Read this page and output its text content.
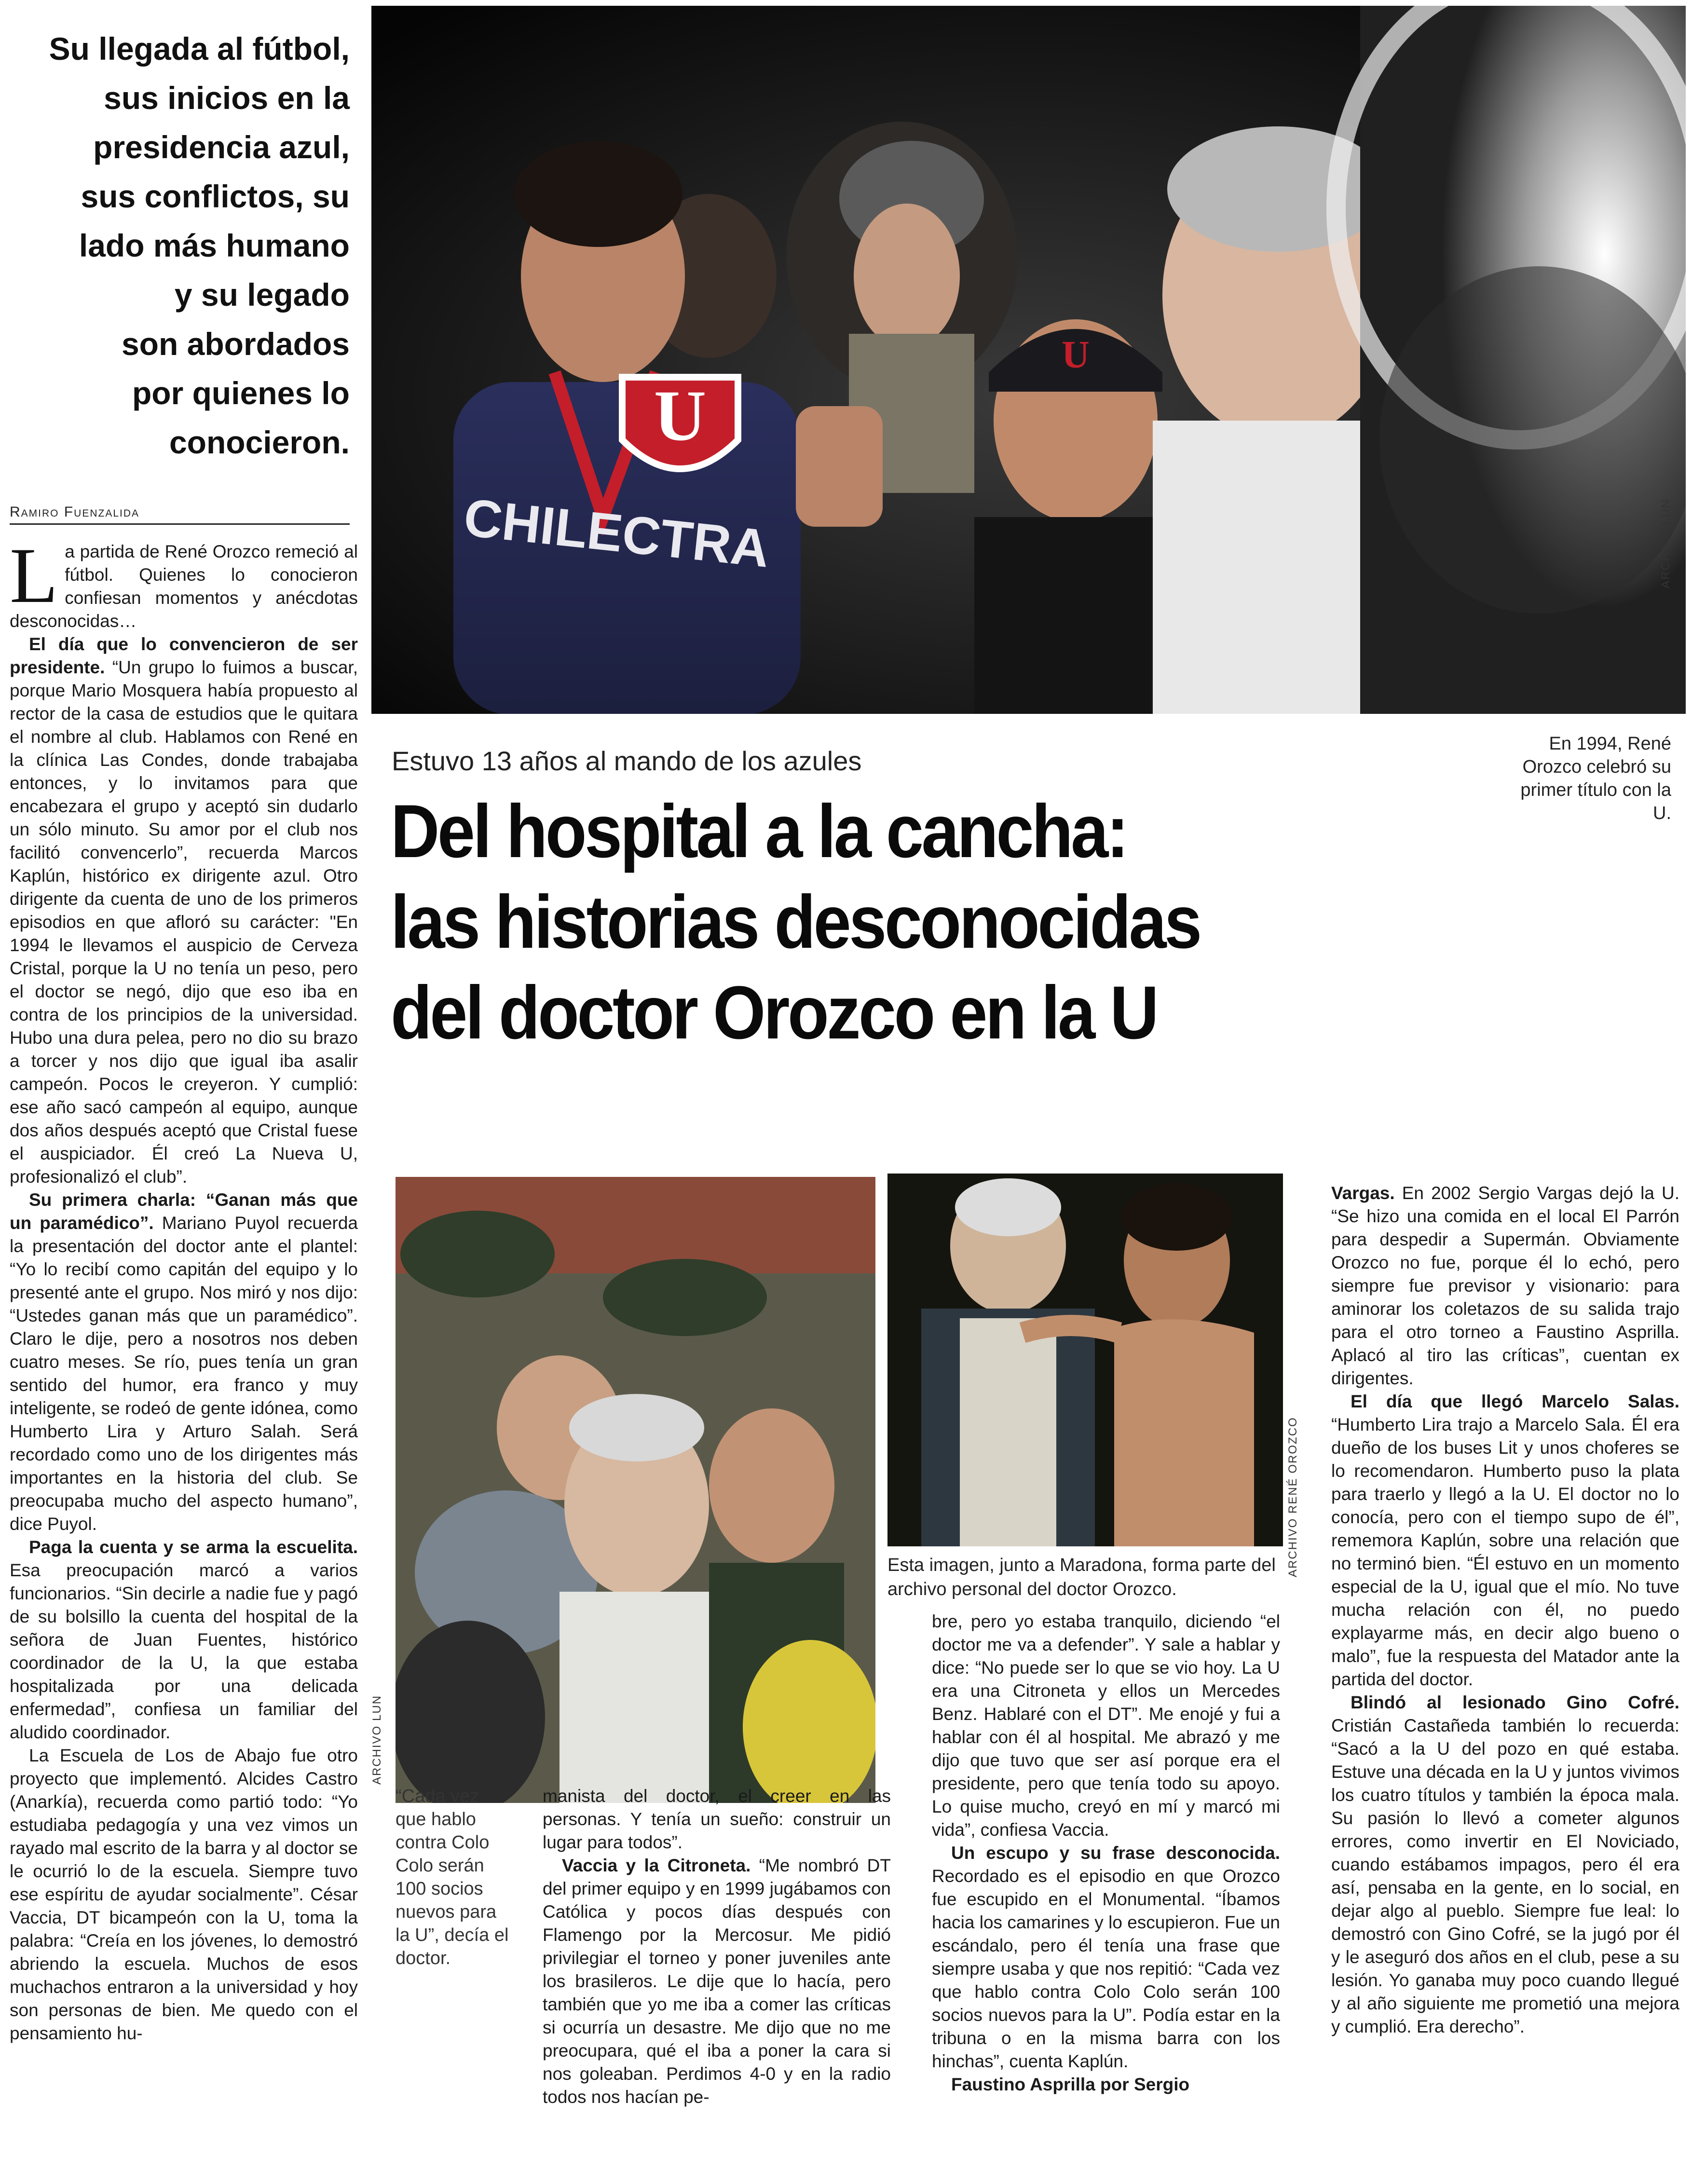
Su llegada al fútbol,
sus inicios en la
presidencia azul,
sus conflictos, su
lado más humano
y su legado
son abordados
por quienes lo
conocieron.
Ramiro Fuenzalida
U
CHILECTRA
U
ARCHIVO LUN
En 1994, René Orozco celebró su primer título con la U.
Estuvo 13 años al mando de los azules
Del hospital a la cancha:
las historias desconocidas
del doctor Orozco en la U

La partida de René Orozco remeció al fútbol. Quienes lo conocieron confiesan momentos y anécdotas desconocidas…

El día que lo convencieron de ser presidente. “Un grupo lo fuimos a buscar, porque Mario Mosquera había propuesto al rector de la casa de estudios que le quitara el nombre al club. Hablamos con René en la clínica Las Condes, donde trabajaba entonces, y lo invitamos para que encabezara el grupo y aceptó sin dudarlo un sólo minuto. Su amor por el club nos facilitó convencerlo”, recuerda Marcos Kaplún, histórico ex dirigente azul. Otro dirigente da cuenta de uno de los primeros episodios en que afloró su carácter: "En 1994 le llevamos el auspicio de Cerveza Cristal, porque la U no tenía un peso, pero el doctor se negó, dijo que eso iba en contra de los principios de la universidad. Hubo una dura pelea, pero no dio su brazo a torcer y nos dijo que igual iba asalir campeón. Pocos le creyeron. Y cumplió: ese año sacó campeón al equipo, aunque dos años después aceptó que Cristal fuese el auspiciador. Él creó La Nueva U, profesionalizó el club”.

Su primera charla: “Ganan más que un paramédico”. Mariano Puyol recuerda la presentación del doctor ante el plantel: “Yo lo recibí como capitán del equipo y lo presenté ante el grupo. Nos miró y nos dijo: “Ustedes ganan más que un paramédico”. Claro le dije, pero a nosotros nos deben cuatro meses. Se río, pues tenía un gran sentido del humor, era franco y muy inteligente, se rodeó de gente idónea, como Humberto Lira y Arturo Salah. Será recordado como uno de los dirigentes más importantes en la historia del club. Se preocupaba mucho del aspecto humano”, dice Puyol.

Paga la cuenta y se arma la escuelita. Esa preocupación marcó a varios funcionarios. “Sin decirle a nadie fue y pagó de su bolsillo la cuenta del hospital de la señora de Juan Fuentes, histórico coordinador de la U, la que estaba hospitalizada por una delicada enfermedad”, confiesa un familiar del aludido coordinador.

La Escuela de Los de Abajo fue otro proyecto que implementó. Alcides Castro (Anarkía), recuerda como partió todo: “Yo estudiaba pedagogía y una vez vimos un rayado mal escrito de la barra y al doctor se le ocurrió lo de la escuela. Siempre tuvo ese espíritu de ayudar socialmente”. César Vaccia, DT bicampeón con la U, toma la palabra: “Creía en los jóvenes, lo demostró abriendo la escuela. Muchos de esos muchachos entraron a la universidad y hoy son personas de bien. Me quedo con el pensamiento hu-

ARCHIVO LUN
ARCHIVO RENÉ OROZCO
Esta imagen, junto a Maradona, forma parte del archivo personal del doctor Orozco.
“Cada vez que hablo contra Colo Colo serán 100 socios nuevos para la U”, decía el doctor.

manista del doctor, el creer en las personas. Y tenía un sueño: construir un lugar para todos”.

Vaccia y la Citroneta. “Me nombró DT del primer equipo y en 1999 jugábamos con Católica y pocos días después con Flamengo por la Mercosur. Me pidió privilegiar el torneo y poner juveniles ante los brasileros. Le dije que lo hacía, pero también que yo me iba a comer las críticas si ocurría un desastre. Me dijo que no me preocupara, qué el iba a poner la cara si nos goleaban. Perdimos 4-0 y en la radio todos nos hacían pe-

bre, pero yo estaba tranquilo, diciendo “el doctor me va a defender”. Y sale a hablar y dice: “No puede ser lo que se vio hoy. La U era una Citroneta y ellos un Mercedes Benz. Hablaré con el DT”. Me enojé y fui a hablar con él al hospital. Me abrazó y me dijo que tuvo que ser así porque era el presidente, pero que tenía todo su apoyo. Lo quise mucho, creyó en mí y marcó mi vida”, confiesa Vaccia.

Un escupo y su frase desconocida. Recordado es el episodio en que Orozco fue escupido en el Monumental. “Íbamos hacia los camarines y lo escupieron. Fue un escándalo, pero él tenía una frase que siempre usaba y que nos repitió: “Cada vez que hablo contra Colo Colo serán 100 socios nuevos para la U”. Podía estar en la tribuna o en la misma barra con los hinchas”, cuenta Kaplún.

Faustino Asprilla por Sergio

Vargas. En 2002 Sergio Vargas dejó la U. “Se hizo una comida en el local El Parrón para despedir a Supermán. Obviamente Orozco no fue, porque él lo echó, pero siempre fue previsor y visionario: para aminorar los coletazos de su salida trajo para el otro torneo a Faustino Asprilla. Aplacó al tiro las críticas”, cuentan ex dirigentes.

El día que llegó Marcelo Salas. “Humberto Lira trajo a Marcelo Sala. Él era dueño de los buses Lit y unos choferes se lo recomendaron. Humberto puso la plata para traerlo y llegó a la U. El doctor no lo conocía, pero con el tiempo supo de él”, rememora Kaplún, sobre una relación que no terminó bien. “Él estuvo en un momento especial de la U, igual que el mío. No tuve mucha relación con él, no puedo explayarme más, en decir algo bueno o malo”, fue la respuesta del Matador ante la partida del doctor.

Blindó al lesionado Gino Cofré. Cristián Castañeda también lo recuerda: “Sacó a la U del pozo en qué estaba. Estuve una década en la U y juntos vivimos los cuatro títulos y también la época mala. Su pasión lo llevó a cometer algunos errores, como invertir en El Noviciado, cuando estábamos impagos, pero él era así, pensaba en la gente, en lo social, en dejar algo al pueblo. Siempre fue leal: lo demostró con Gino Cofré, se la jugó por él y le aseguró dos años en el club, pese a su lesión. Yo ganaba muy poco cuando llegué y al año siguiente me prometió una mejora y cumplió. Era derecho”.
